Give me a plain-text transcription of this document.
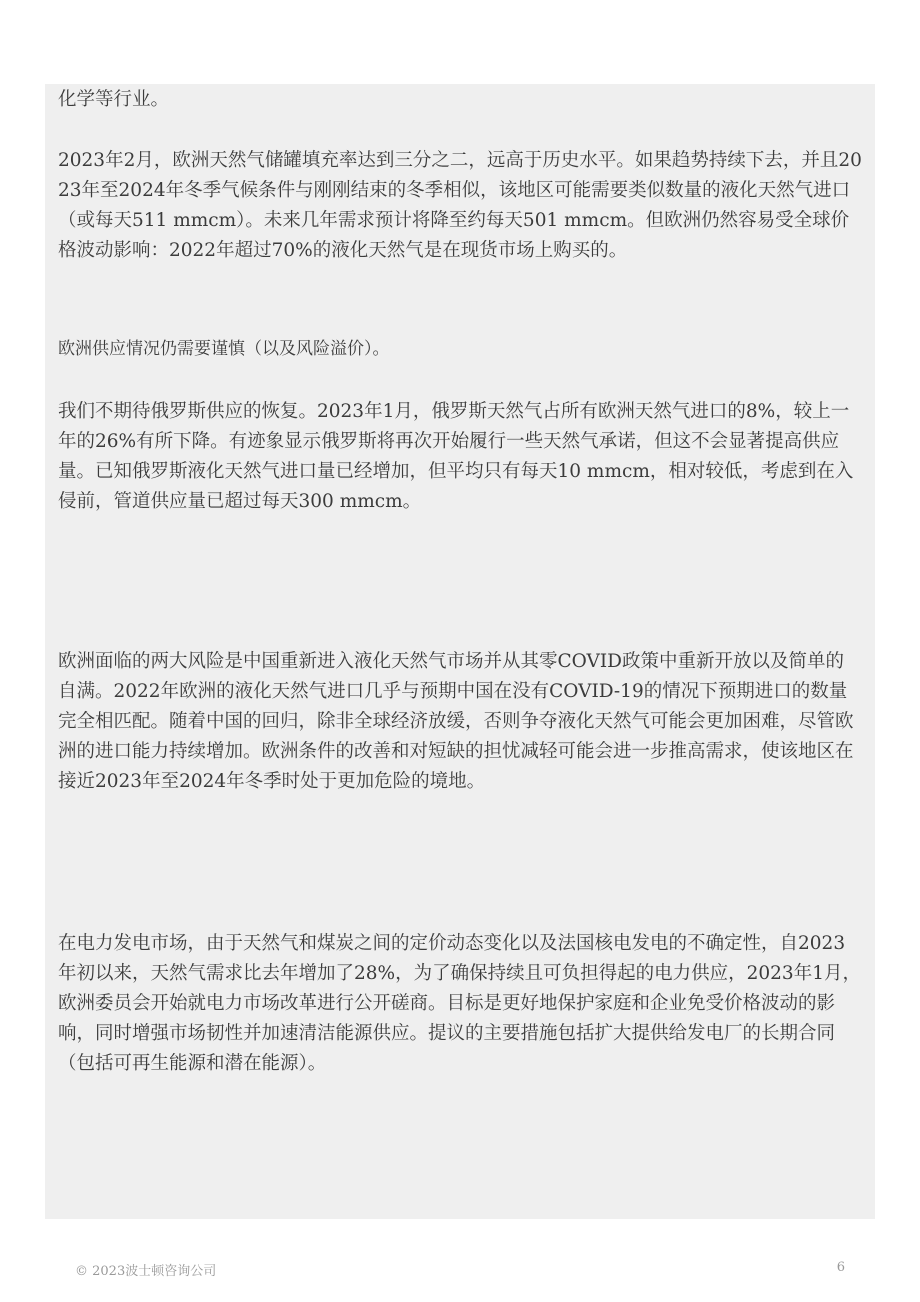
化学等行业。

2023年2月，欧洲天然气储罐填充率达到三分之二，远高于历史水平。如果趋势持续下去，并且2023年至2024年冬季气候条件与刚刚结束的冬季相似，该地区可能需要类似数量的液化天然气进口（或每天511 mmcm）。未来几年需求预计将降至约每天501 mmcm。但欧洲仍然容易受全球价格波动影响：2022年超过70%的液化天然气是在现货市场上购买的。

欧洲供应情况仍需要谨慎（以及风险溢价）。

我们不期待俄罗斯供应的恢复。2023年1月，俄罗斯天然气占所有欧洲天然气进口的8%，较上一年的26%有所下降。有迹象显示俄罗斯将再次开始履行一些天然气承诺，但这不会显著提高供应量。已知俄罗斯液化天然气进口量已经增加，但平均只有每天10 mmcm，相对较低，考虑到在入侵前，管道供应量已超过每天300 mmcm。

欧洲面临的两大风险是中国重新进入液化天然气市场并从其零COVID政策中重新开放以及简单的自满。2022年欧洲的液化天然气进口几乎与预期中国在没有COVID-19的情况下预期进口的数量完全相匹配。随着中国的回归，除非全球经济放缓，否则争夺液化天然气可能会更加困难，尽管欧洲的进口能力持续增加。欧洲条件的改善和对短缺的担忧减轻可能会进一步推高需求，使该地区在接近2023年至2024年冬季时处于更加危险的境地。

在电力发电市场，由于天然气和煤炭之间的定价动态变化以及法国核电发电的不确定性，自2023年初以来，天然气需求比去年增加了28%，为了确保持续且可负担得起的电力供应，2023年1月，欧洲委员会开始就电力市场改革进行公开磋商。目标是更好地保护家庭和企业免受价格波动的影响，同时增强市场韧性并加速清洁能源供应。提议的主要措施包括扩大提供给发电厂的长期合同（包括可再生能源和潜在能源）。

© 2023波士顿咨询公司	6
